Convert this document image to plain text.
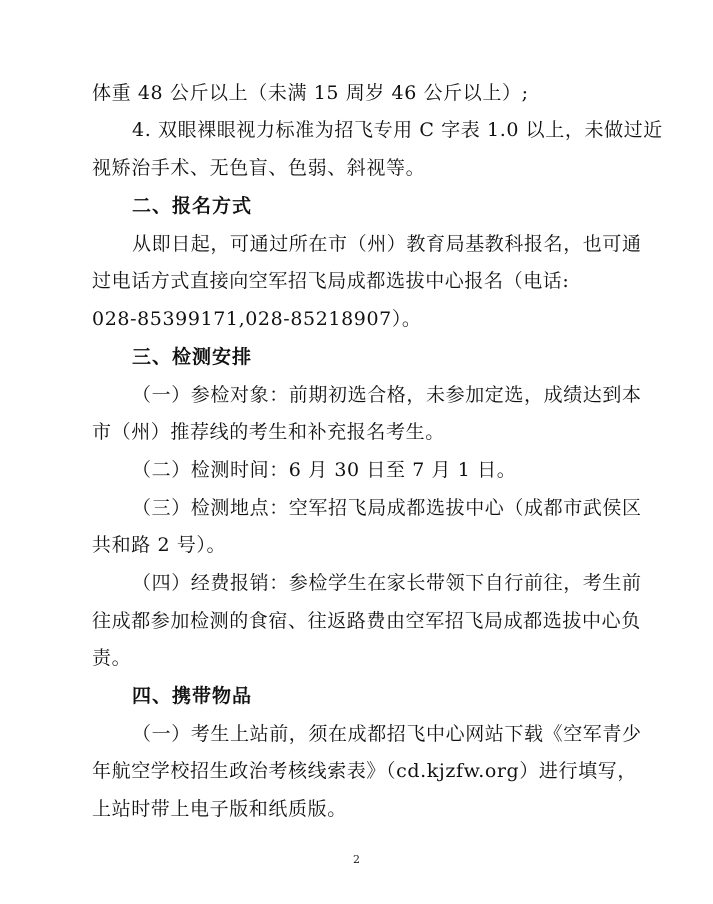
体重 48 公斤以上（未满 15 周岁 46 公斤以上）;
4. 双眼裸眼视力标准为招飞专用 C 字表 1.0 以上，未做过近
视矫治手术、无色盲、色弱、斜视等。
二、报名方式
从即日起，可通过所在市（州）教育局基教科报名，也可通
过电话方式直接向空军招飞局成都选拔中心报名（电话:
028-85399171,028-85218907）。
三、检测安排
（一）参检对象：前期初选合格，未参加定选，成绩达到本
市（州）推荐线的考生和补充报名考生。
（二）检测时间：6 月 30 日至 7 月 1 日。
（三）检测地点：空军招飞局成都选拔中心（成都市武侯区
共和路 2 号）。
（四）经费报销：参检学生在家长带领下自行前往，考生前
往成都参加检测的食宿、往返路费由空军招飞局成都选拔中心负
责。
四、携带物品
（一）考生上站前，须在成都招飞中心网站下载《空军青少
年航空学校招生政治考核线索表》（cd.kjzfw.org）进行填写，
上站时带上电子版和纸质版。
2
